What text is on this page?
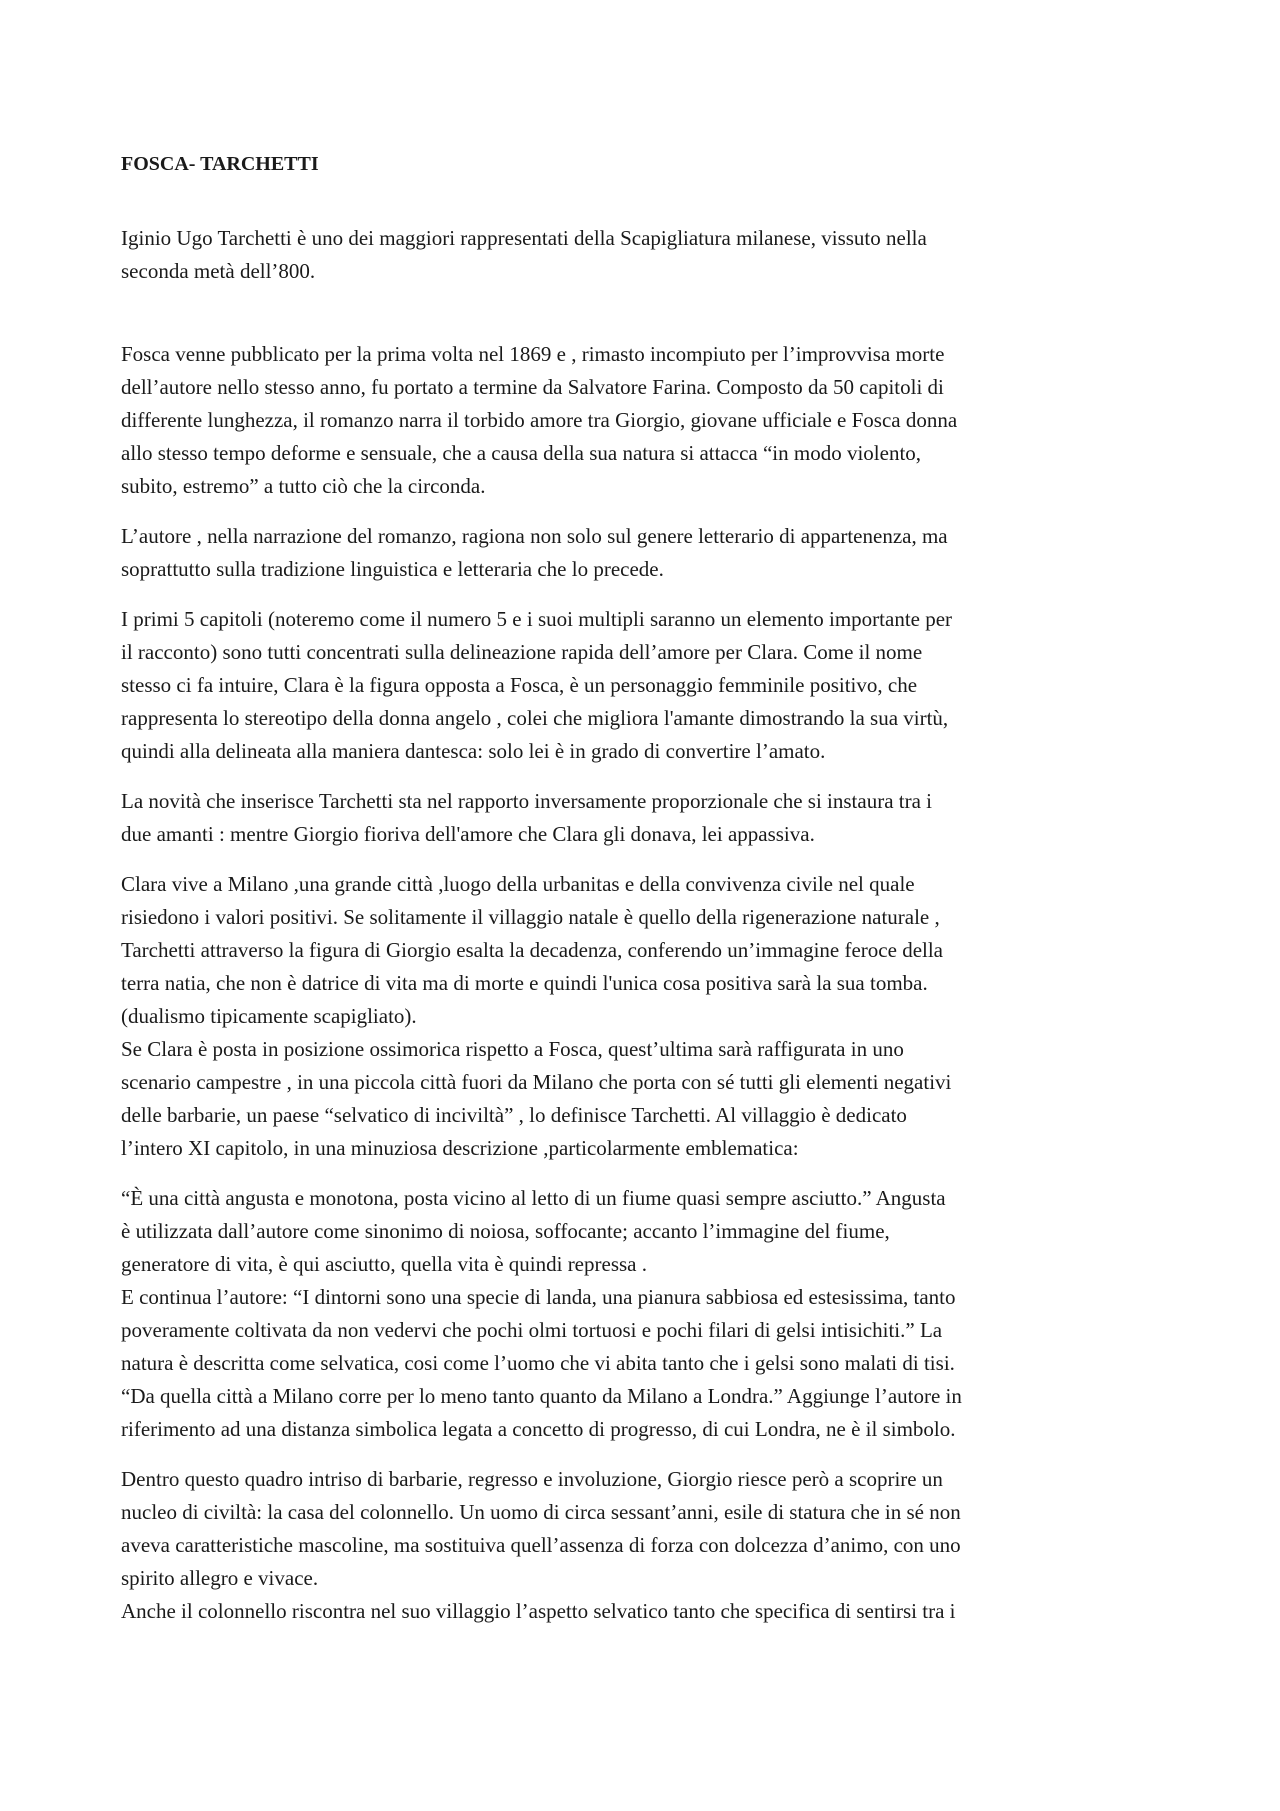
FOSCA- TARCHETTI

Iginio Ugo Tarchetti è uno dei maggiori rappresentati della Scapigliatura milanese, vissuto nella
seconda metà dell’800.

Fosca venne pubblicato per la prima volta nel 1869 e , rimasto incompiuto per l’improvvisa morte
dell’autore nello stesso anno, fu portato a termine da Salvatore Farina. Composto da 50 capitoli di
differente lunghezza, il romanzo narra il torbido amore tra Giorgio, giovane ufficiale e Fosca donna
allo stesso tempo deforme e sensuale, che a causa della sua natura si attacca “in modo violento,
subito, estremo” a tutto ciò che la circonda.

L’autore , nella narrazione del romanzo, ragiona non solo sul genere letterario di appartenenza, ma
soprattutto sulla tradizione linguistica e letteraria che lo precede.

I primi 5 capitoli (noteremo come il numero 5 e i suoi multipli saranno un elemento importante per
il racconto) sono tutti concentrati sulla delineazione rapida dell’amore per Clara. Come il nome
stesso ci fa intuire, Clara è la figura opposta a Fosca, è un personaggio femminile positivo, che
rappresenta lo stereotipo della donna angelo , colei che migliora l'amante dimostrando la sua virtù,
quindi alla delineata alla maniera dantesca: solo lei è in grado di convertire l’amato.

La novità che inserisce Tarchetti sta nel rapporto inversamente proporzionale che si instaura tra i
due amanti : mentre Giorgio fioriva dell'amore che Clara gli donava, lei appassiva.

Clara vive a Milano ,una grande città ,luogo della urbanitas e della convivenza civile nel quale
risiedono i valori positivi. Se solitamente il villaggio natale è quello della rigenerazione naturale ,
Tarchetti attraverso la figura di Giorgio esalta la decadenza, conferendo un’immagine feroce della
terra natia, che non è datrice di vita ma di morte e quindi l'unica cosa positiva sarà la sua tomba.
(dualismo tipicamente scapigliato).

Se Clara è posta in posizione ossimorica rispetto a Fosca, quest’ultima sarà raffigurata in uno
scenario campestre , in una piccola città fuori da Milano che porta con sé tutti gli elementi negativi
delle barbarie, un paese “selvatico di inciviltà” , lo definisce Tarchetti. Al villaggio è dedicato
l’intero XI capitolo, in una minuziosa descrizione ,particolarmente emblematica:

“È una città angusta e monotona, posta vicino al letto di un fiume quasi sempre asciutto.” Angusta
è utilizzata dall’autore come sinonimo di noiosa, soffocante; accanto l’immagine del fiume,
generatore di vita, è qui asciutto, quella vita è quindi repressa .

E continua l’autore: “I dintorni sono una specie di landa, una pianura sabbiosa ed estesissima, tanto
poveramente coltivata da non vedervi che pochi olmi tortuosi e pochi filari di gelsi intisichiti.” La
natura è descritta come selvatica, cosi come l’uomo che vi abita tanto che i gelsi sono malati di tisi.
“Da quella città a Milano corre per lo meno tanto quanto da Milano a Londra.” Aggiunge l’autore in
riferimento ad una distanza simbolica legata a concetto di progresso, di cui Londra, ne è il simbolo.

Dentro questo quadro intriso di barbarie, regresso e involuzione, Giorgio riesce però a scoprire un
nucleo di civiltà: la casa del colonnello. Un uomo di circa sessant’anni, esile di statura che in sé non
aveva caratteristiche mascoline, ma sostituiva quell’assenza di forza con dolcezza d’animo, con uno
spirito allegro e vivace.

Anche il colonnello riscontra nel suo villaggio l’aspetto selvatico tanto che specifica di sentirsi tra i
